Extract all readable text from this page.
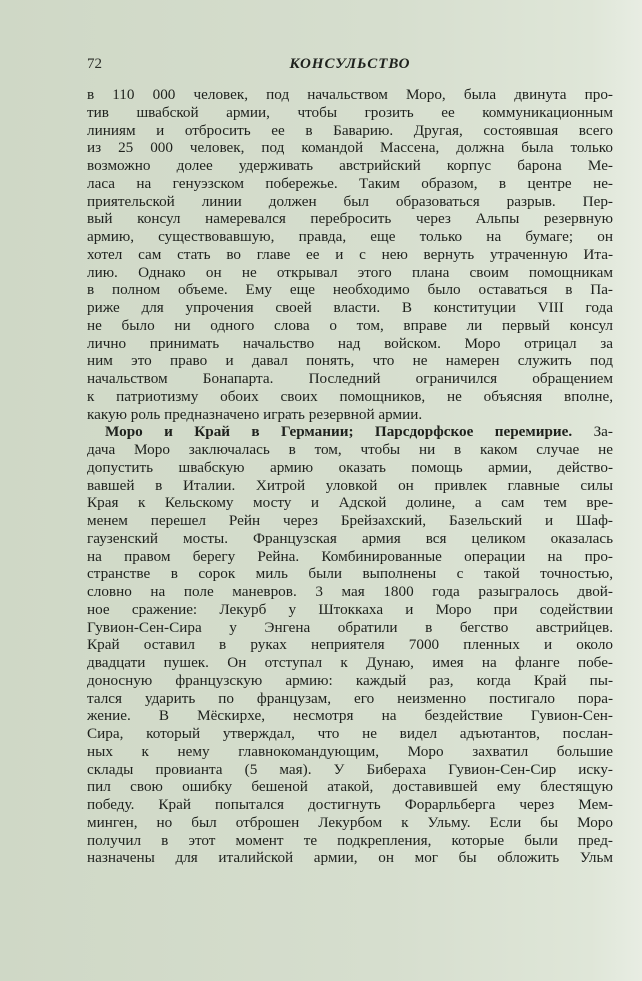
72	КОНСУЛЬСТВО
в 110 000 человек, под начальством Моро, была двинута про-
тив швабской армии, чтобы грозить ее коммуникационным
линиям и отбросить ее в Баварию. Другая, состоявшая всего
из 25 000 человек, под командой Массена, должна была только
возможно долее удерживать австрийский корпус барона Ме-
ласа на генуэзском побережье. Таким образом, в центре не-
приятельской линии должен был образоваться разрыв. Пер-
вый консул намеревался перебросить через Альпы резервную
армию, существовавшую, правда, еще только на бумаге; он
хотел сам стать во главе ее и с нею вернуть утраченную Ита-
лию. Однако он не открывал этого плана своим помощникам
в полном объеме. Ему еще необходимо было оставаться в Па-
риже для упрочения своей власти. В конституции VIII года
не было ни одного слова о том, вправе ли первый консул
лично принимать начальство над войском. Моро отрицал за
ним это право и давал понять, что не намерен служить под
начальством Бонапарта. Последний ограничился обращением
к патриотизму обоих своих помощников, не объясняя вполне,
какую роль предназначено играть резервной армии.
Моро и Край в Германии; Парсдорфское перемирие. За-
дача Моро заключалась в том, чтобы ни в каком случае не
допустить швабскую армию оказать помощь армии, действо-
вавшей в Италии. Хитрой уловкой он привлек главные силы
Края к Кельскому мосту и Адской долине, а сам тем вре-
менем перешел Рейн через Брейзахский, Базельский и Шаф-
гаузенский мосты. Французская армия вся целиком оказалась
на правом берегу Рейна. Комбинированные операции на про-
странстве в сорок миль были выполнены с такой точностью,
словно на поле маневров. 3 мая 1800 года разыгралось двой-
ное сражение: Лекурб у Штоккаха и Моро при содействии
Гувион-Сен-Сира у Энгена обратили в бегство австрийцев.
Край оставил в руках неприятеля 7000 пленных и около
двадцати пушек. Он отступал к Дунаю, имея на фланге побе-
доносную французскую армию: каждый раз, когда Край пы-
тался ударить по французам, его неизменно постигало пора-
жение. В Мёскирхе, несмотря на бездействие Гувион-Сен-
Сира, который утверждал, что не видел адъютантов, послан-
ных к нему главнокомандующим, Моро захватил большие
склады провианта (5 мая). У Бибераха Гувион-Сен-Сир иску-
пил свою ошибку бешеной атакой, доставившей ему блестящую
победу. Край попытался достигнуть Форарльберга через Мем-
минген, но был отброшен Лекурбом к Ульму. Если бы Моро
получил в этот момент те подкрепления, которые были пред-
назначены для италийской армии, он мог бы обложить Ульм
